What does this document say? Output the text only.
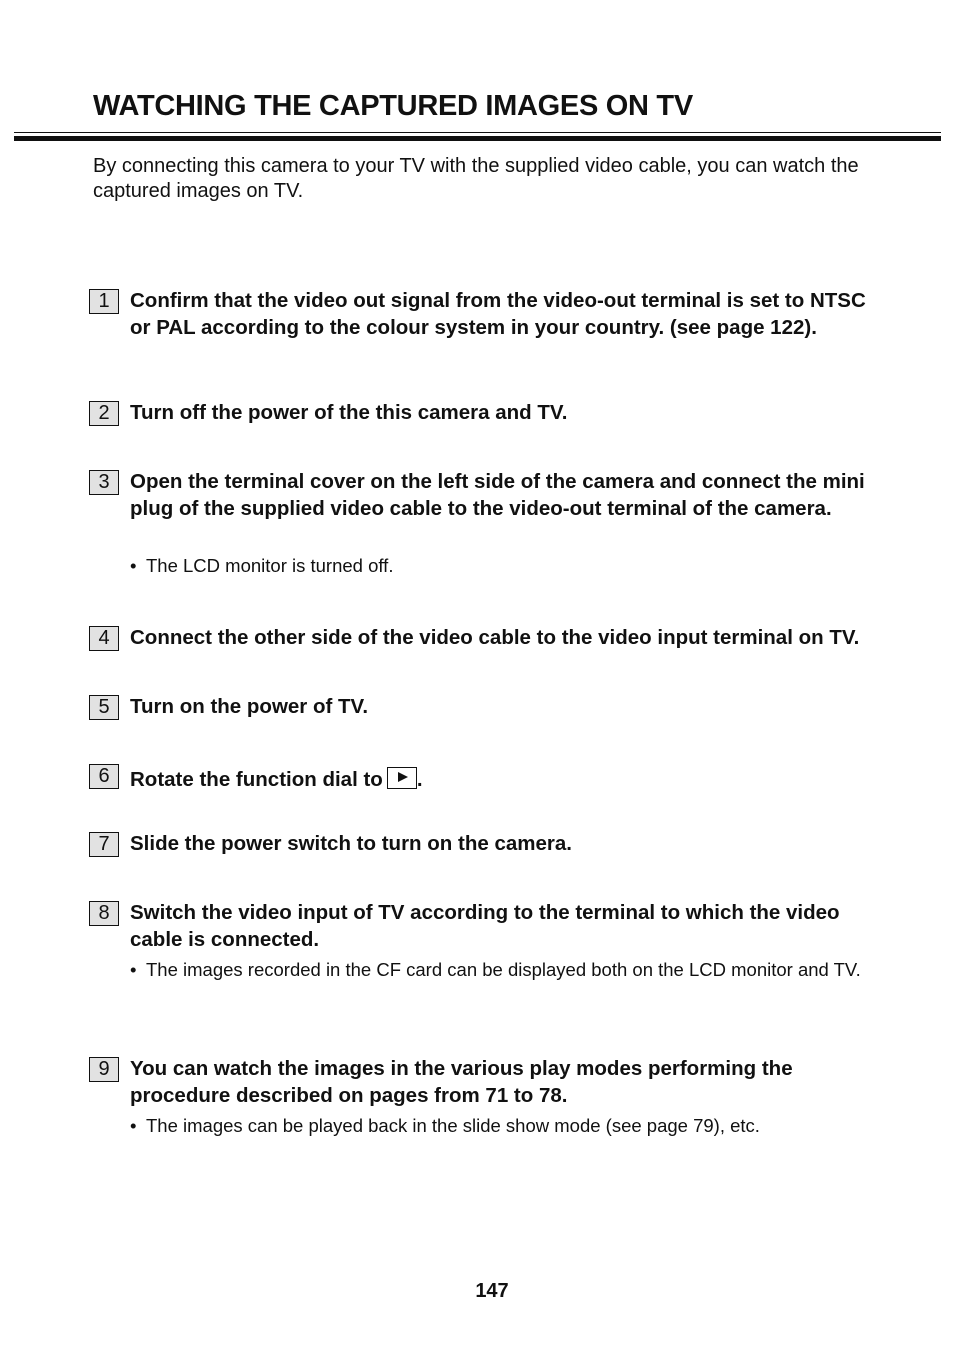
WATCHING THE CAPTURED IMAGES ON TV

By connecting this camera to your TV with the supplied video cable, you can watch the captured images on TV.

1 Confirm that the video out signal from the video-out terminal is set to NTSC or PAL according to the colour system in your country. (see page 122).

2 Turn off the power of the this camera and TV.

3 Open the terminal cover on the left side of the camera and connect the mini plug of the supplied video cable to the video-out terminal of the camera.

• The LCD monitor is turned off.

4 Connect the other side of the video cable to the video input terminal on TV.

5 Turn on the power of TV.

6 Rotate the function dial to .

7 Slide the power switch to turn on the camera.

8 Switch the video input of TV according to the terminal to which the video cable is connected.

• The images recorded in the CF card can be displayed both on the LCD monitor and TV.

9 You can watch the images in the various play modes performing the procedure described on pages from 71 to 78.

• The images can be played back in the slide show mode (see page 79), etc.

147
